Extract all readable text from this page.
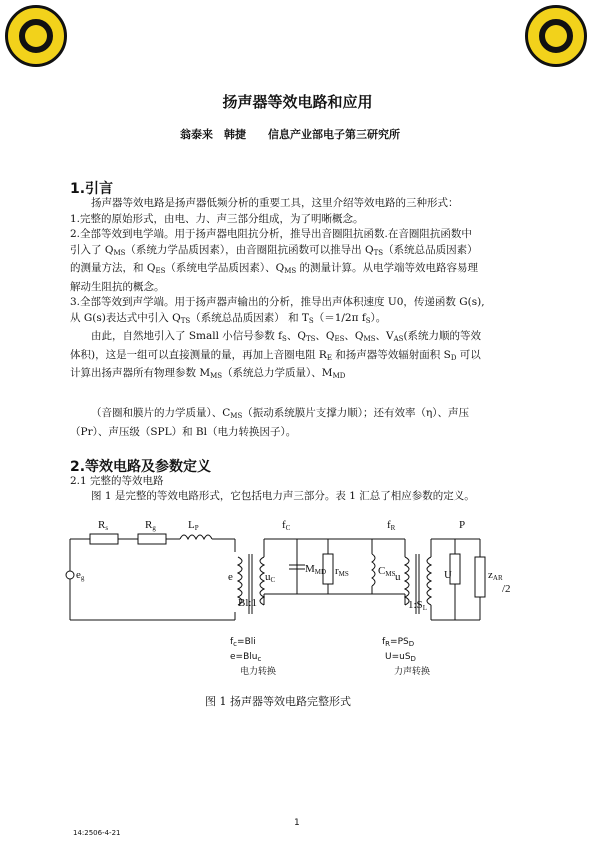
扬声器等效电路和应用
翁泰来　韩捷　　信息产业部电子第三研究所
1.引言

扬声器等效电路是扬声器低频分析的重要工具，这里介绍等效电路的三种形式：

1.完整的原始形式，由电、力、声三部分组成，为了明晰概念。

2.全部等效到电学端。用于扬声器电阻抗分析，推导出音圈阻抗函数.在音圈阻抗函数中

引入了 $Q_{MS}$（系统力学品质因素），由音圈阻抗函数可以推导出 $Q_{TS}$（系统总品质因素）

的测量方法，和 $Q_{ES}$（系统电学品质因素）、$Q_{MS}$ 的测量计算。从电学端等效电路容易理

解动生阻抗的概念。

3.全部等效到声学端。用于扬声器声输出的分析，推导出声体积速度 U0，传递函数 G(s),

从 G(s)表达式中引入 $Q_{TS}$（系统总品质因素） 和 $T_S(=1/2\pi$ $f_S$）。

由此，自然地引入了 Small 小信号参数 $f_S$、$Q_{TS}$、$Q_{ES}$、$Q_{MS}$、$V_{AS}$(系统力顺的等效

体积)，这是一组可以直接测量的量，再加上音圈电阻 $R_E$ 和扬声器等效辐射面积 $S_D$ 可以

计算出扬声器所有物理参数 $M_{MS}$（系统总力学质量）、$M_{MD}$

（音圈和膜片的力学质量）、$C_{MS}$（振动系统膜片支撑力顺）；还有效率（η）、声压

（Pr）、声压级（SPL）和 Bl（电力转换因子）。

2.等效电路及参数定义

2.1 完整的等效电路

图 1 是完整的等效电路形式，它包括电力声三部分。表 1 汇总了相应参数的定义。

Rs	Rg	LP	fC	fR	P
eg	e	uC
MMD rMS	CMS u	U	zAR
/2
Bl:1	1:SL
$f_c=Bli$
e=Blu$_c$
电力转换
$f_R=PS_D$
$U=uS_D$
力声转换
图 1 扬声器等效电路完整形式
1
14:2506-4-21
